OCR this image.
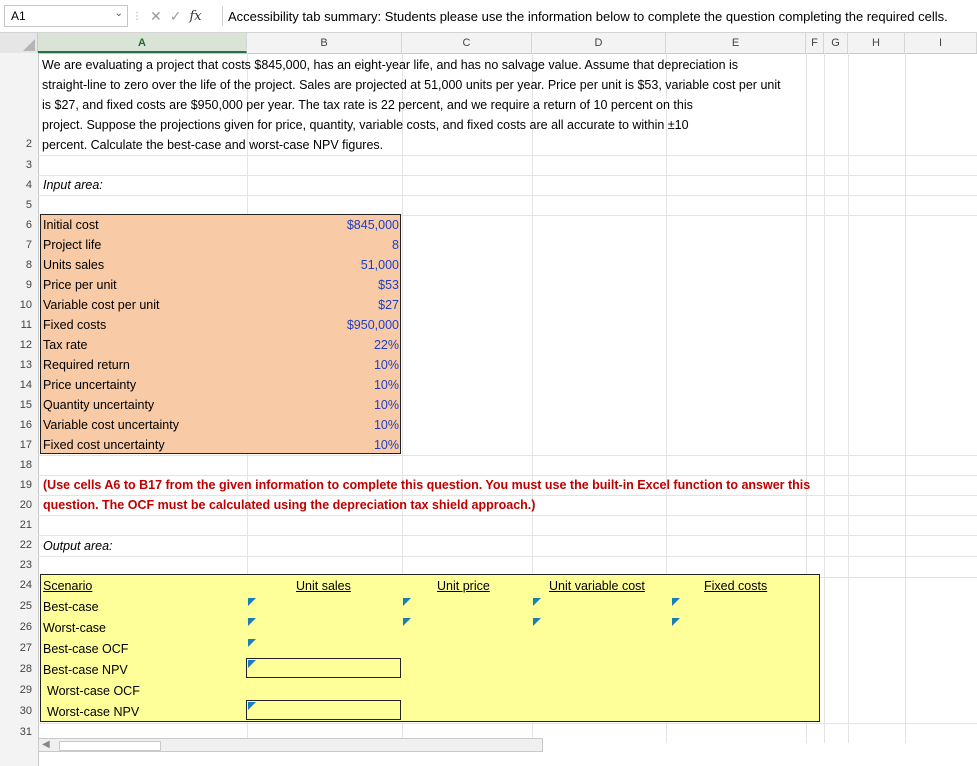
A1	⌄ ⋮ ✕ ✓ fx Accessibility tab summary: Students please use the information below to complete the question completing the required cells.
A	B	C	D	E	F	G	H	I
2
3
4
5
6
7
8
9
10
11
12
13
14
15
16
17
18
19
20
21
22
23
24
25
26
27
28
29
30
31
We are evaluating a project that costs $845,000, has an eight-year life, and has no salvage value. Assume that depreciation is
straight-line to zero over the life of the project. Sales are projected at 51,000 units per year. Price per unit is $53, variable cost per unit
is $27, and fixed costs are $950,000 per year. The tax rate is 22 percent, and we require a return of 10 percent on this
project. Suppose the projections given for price, quantity, variable costs, and fixed costs are all accurate to within ±10
percent. Calculate the best-case and worst-case NPV figures.
Input area:
Initial cost	$845,000
Project life	8
Units sales	51,000
Price per unit	$53
Variable cost per unit	$27
Fixed costs	$950,000
Tax rate	22%
Required return	10%
Price uncertainty	10%
Quantity uncertainty	10%
Variable cost uncertainty	10%
Fixed cost uncertainty	10%
(Use cells A6 to B17 from the given information to complete this question. You must use the built-in Excel function to answer this
question. The OCF must be calculated using the depreciation tax shield approach.)
Output area:
Scenario	Unit sales	Unit price	Unit variable cost	Fixed costs
Best-case
Worst-case
Best-case OCF
Best-case NPV
Worst-case OCF
Worst-case NPV
◀
